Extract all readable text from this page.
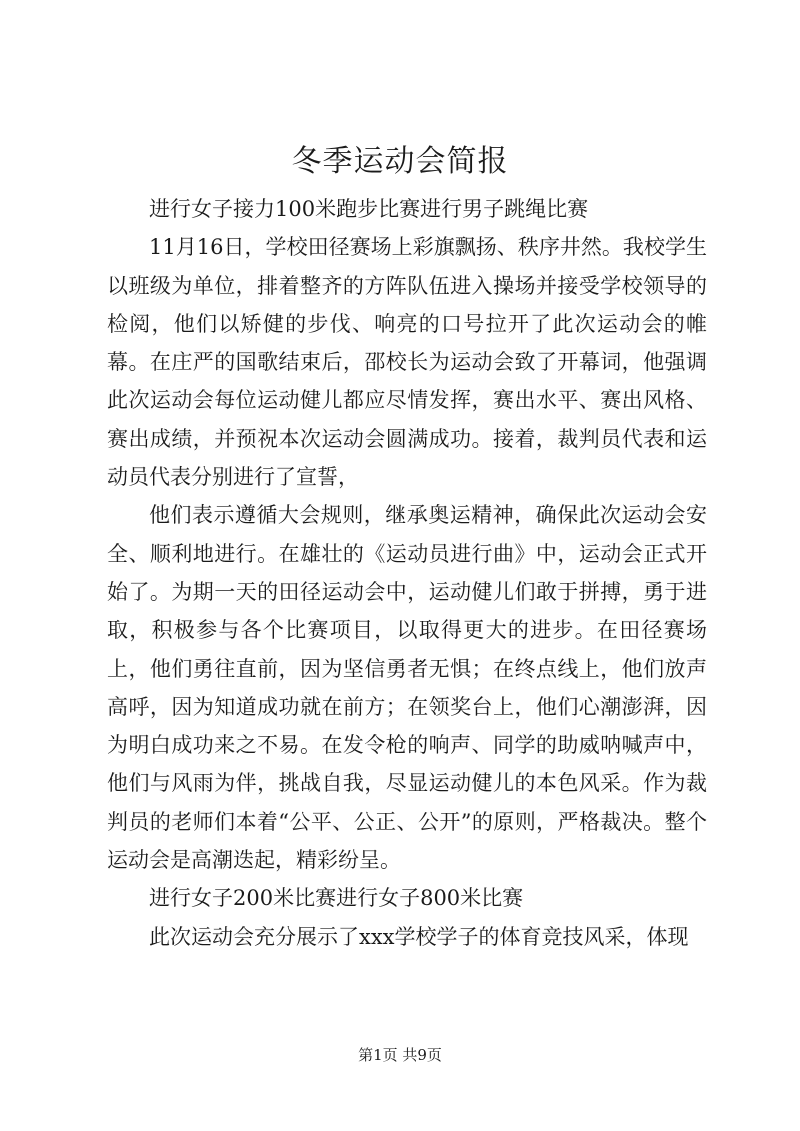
冬季运动会简报

进行女子接力100米跑步比赛进行男子跳绳比赛

11月16日，学校田径赛场上彩旗飘扬、秩序井然。我校学生以班级为单位，排着整齐的方阵队伍进入操场并接受学校领导的检阅，他们以矫健的步伐、响亮的口号拉开了此次运动会的帷幕。在庄严的国歌结束后，邵校长为运动会致了开幕词，他强调此次运动会每位运动健儿都应尽情发挥，赛出水平、赛出风格、赛出成绩，并预祝本次运动会圆满成功。接着，裁判员代表和运动员代表分别进行了宣誓，

他们表示遵循大会规则，继承奥运精神，确保此次运动会安全、顺利地进行。在雄壮的《运动员进行曲》中，运动会正式开始了。为期一天的田径运动会中，运动健儿们敢于拼搏，勇于进取，积极参与各个比赛项目，以取得更大的进步。在田径赛场上，他们勇往直前，因为坚信勇者无惧；在终点线上，他们放声高呼，因为知道成功就在前方；在领奖台上，他们心潮澎湃，因为明白成功来之不易。在发令枪的响声、同学的助威呐喊声中，他们与风雨为伴，挑战自我，尽显运动健儿的本色风采。作为裁判员的老师们本着“公平、公正、公开”的原则，严格裁决。整个运动会是高潮迭起，精彩纷呈。

进行女子200米比赛进行女子800米比赛

此次运动会充分展示了xxx学校学子的体育竞技风采，体现

第1页 共9页
